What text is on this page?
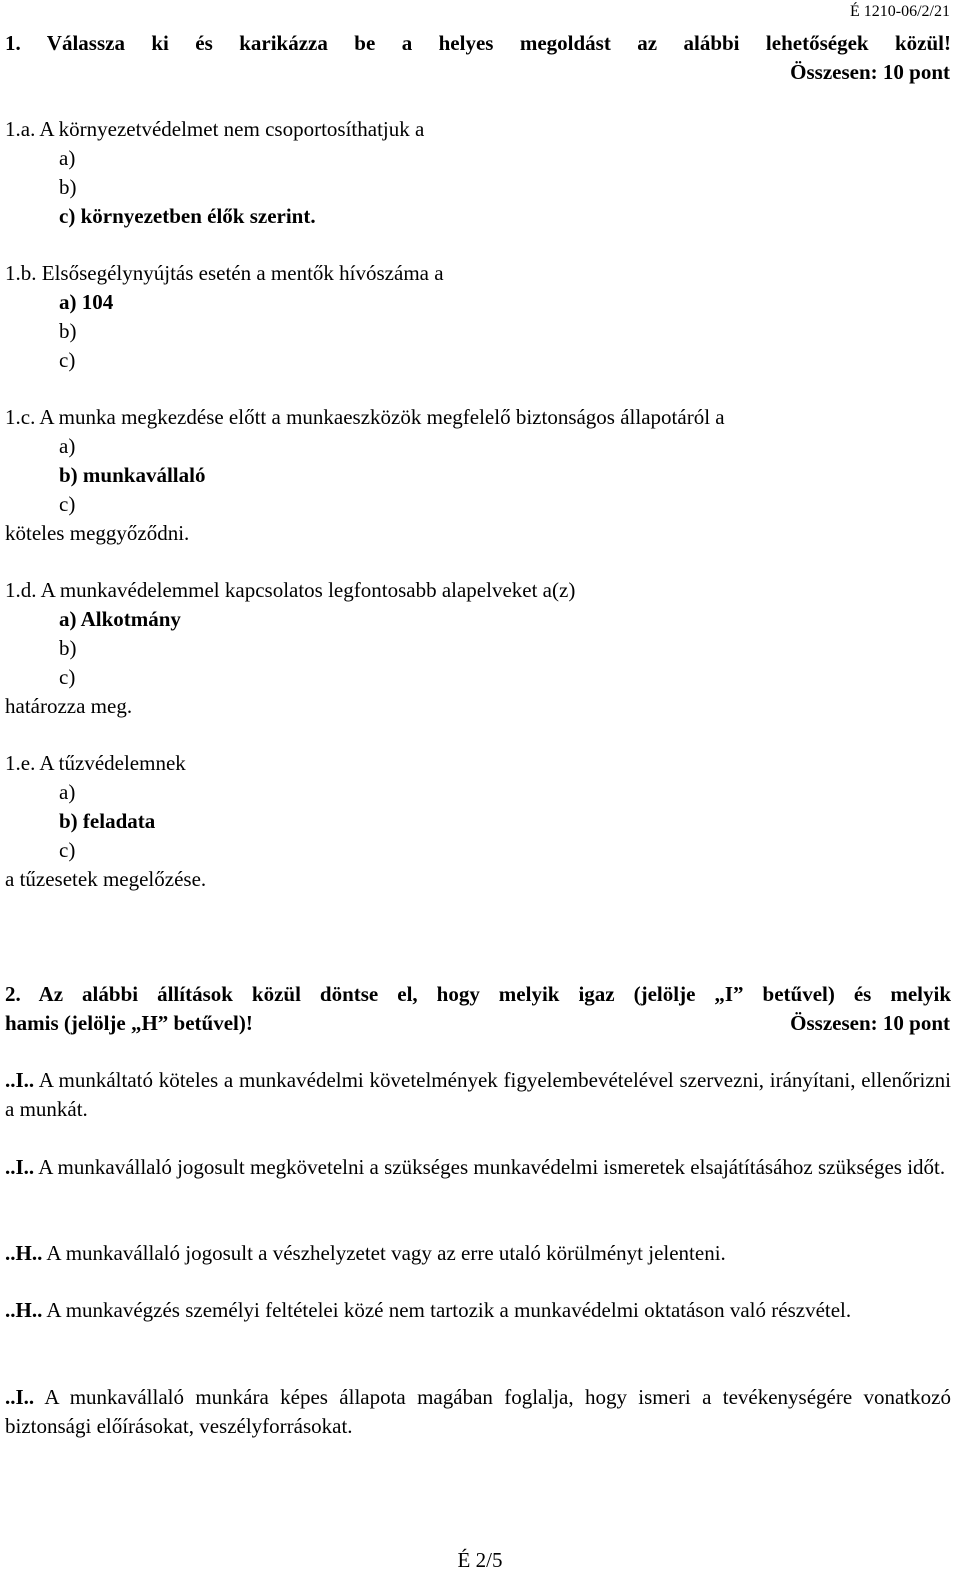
É 1210-06/2/21
1. Válassza ki és karikázza be a helyes megoldást az alábbi lehetőségek közül!
Összesen: 10 pont
1.a. A környezetvédelmet nem csoportosíthatjuk a
a)
b)
c) környezetben élők szerint.
1.b. Elsősegélynyújtás esetén a mentők hívószáma a
a) 104
b)
c)
1.c. A munka megkezdése előtt a munkaeszközök megfelelő biztonságos állapotáról a
a)
b) munkavállaló
c)
köteles meggyőződni.
1.d. A munkavédelemmel kapcsolatos legfontosabb alapelveket a(z)
a) Alkotmány
b)
c)
határozza meg.
1.e. A tűzvédelemnek
a)
b) feladata
c)
a tűzesetek megelőzése.
2. Az alábbi állítások közül döntse el, hogy melyik igaz (jelölje „I” betűvel) és melyik
hamis (jelölje „H” betűvel)!	Összesen: 10 pont
..I.. A munkáltató köteles a munkavédelmi követelmények figyelembevételével szervezni, irányítani, ellenőrizni a munkát.
..I.. A munkavállaló jogosult megkövetelni a szükséges munkavédelmi ismeretek elsajátításához szükséges időt.
..H.. A munkavállaló jogosult a vészhelyzetet vagy az erre utaló körülményt jelenteni.
..H.. A munkavégzés személyi feltételei közé nem tartozik a munkavédelmi oktatáson való részvétel.
..I.. A munkavállaló munkára képes állapota magában foglalja, hogy ismeri a tevékenységére vonatkozó biztonsági előírásokat, veszélyforrásokat.
É 2/5
